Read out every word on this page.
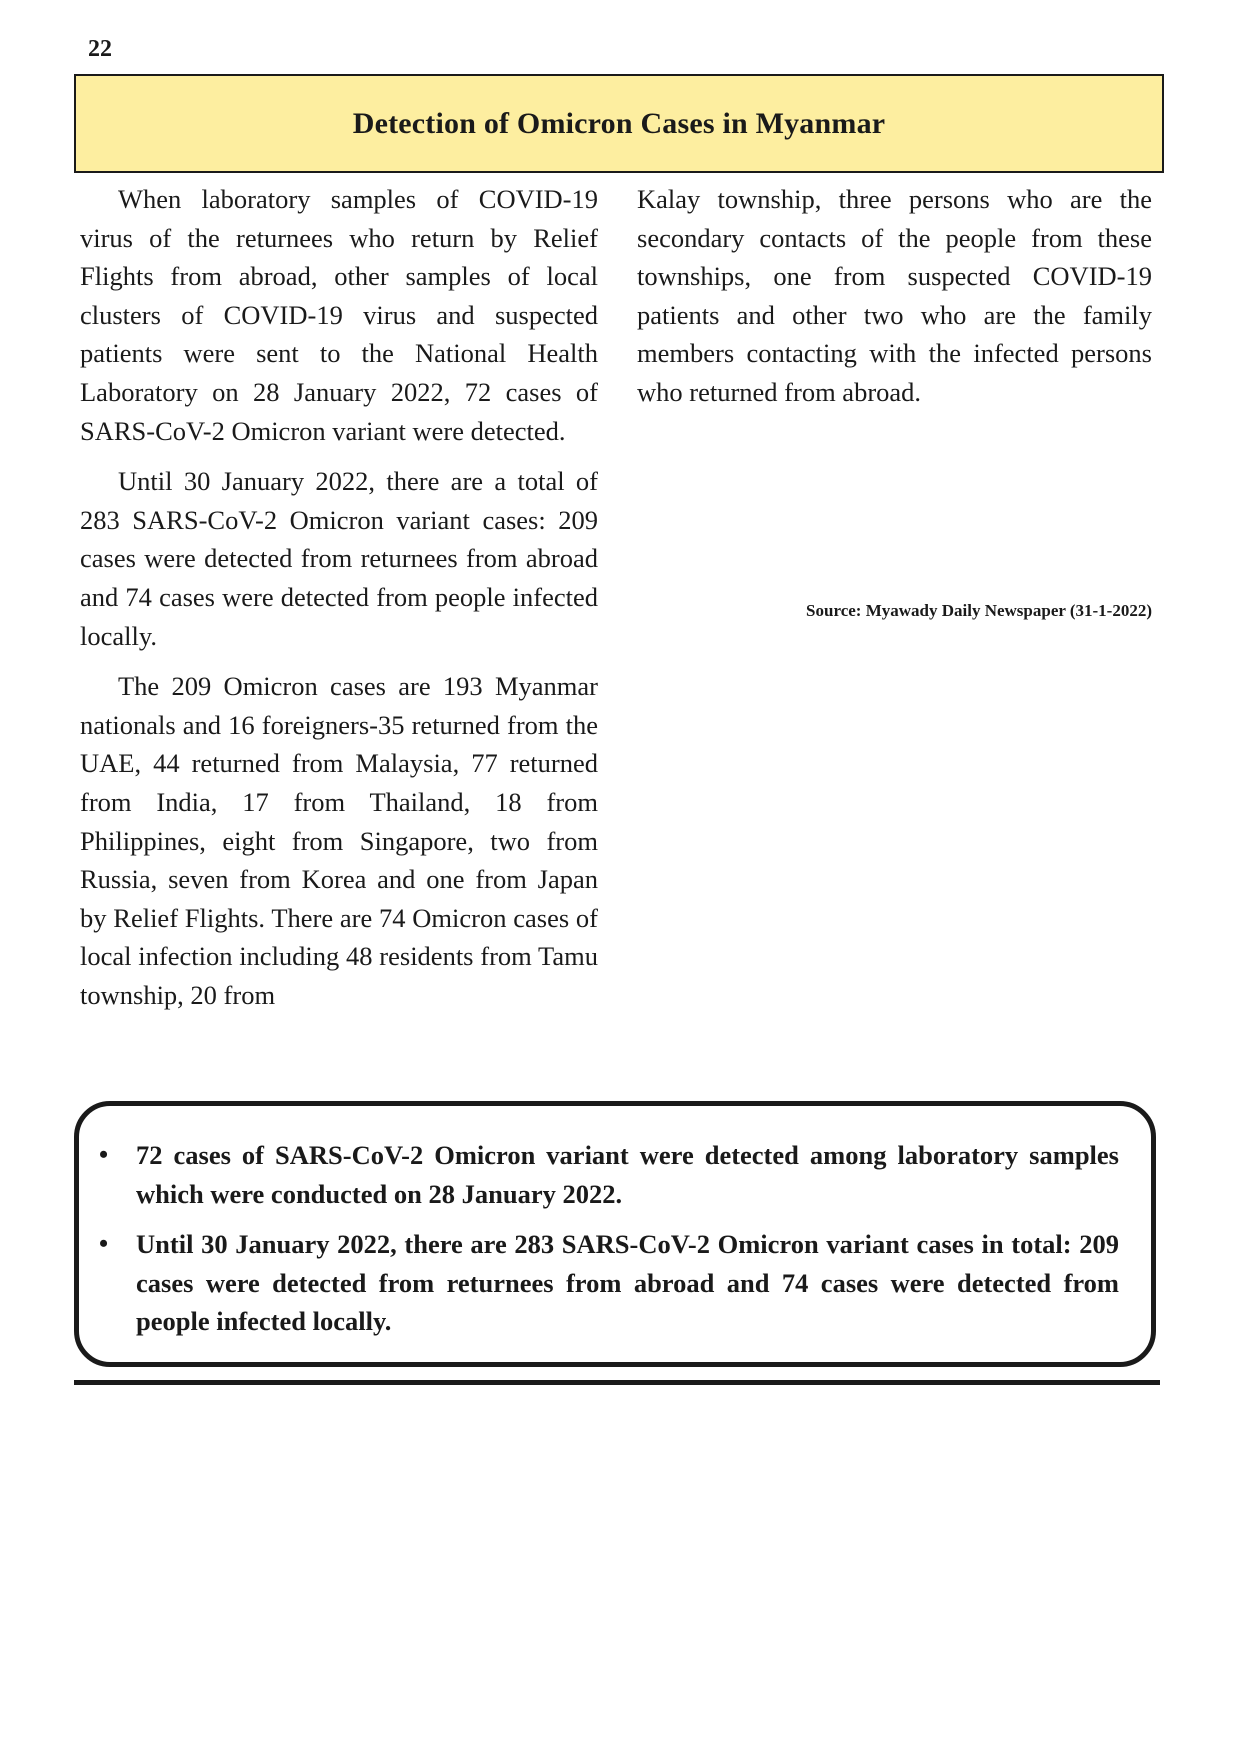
22
Detection of Omicron Cases in Myanmar

When laboratory samples of COVID-19 virus of the returnees who return by Relief Flights from abroad, other samples of local clusters of COVID-19 virus and suspected patients were sent to the National Health Laboratory on 28 January 2022, 72 cases of SARS-CoV-2 Omicron variant were detected.

Until 30 January 2022, there are a total of 283 SARS-CoV-2 Omicron variant cases: 209 cases were detected from returnees from abroad and 74 cases were detected from people infected locally.

The 209 Omicron cases are 193 Myanmar nationals and 16 foreigners-35 returned from the UAE, 44 returned from Malaysia, 77 returned from India, 17 from Thailand, 18 from Philippines, eight from Singapore, two from Russia, seven from Korea and one from Japan by Relief Flights. There are 74 Omicron cases of local infection including 48 residents from Tamu township, 20 from

Kalay township, three persons who are the secondary contacts of the people from these townships, one from suspected COVID-19 patients and other two who are the family members contacting with the infected persons who returned from abroad.

Source: Myawady Daily Newspaper (31-1-2022)
• 72 cases of SARS-CoV-2 Omicron variant were detected among laboratory samples which were conducted on 28 January 2022.
• Until 30 January 2022, there are 283 SARS-CoV-2 Omicron variant cases in total: 209 cases were detected from returnees from abroad and 74 cases were detected from people infected locally.
